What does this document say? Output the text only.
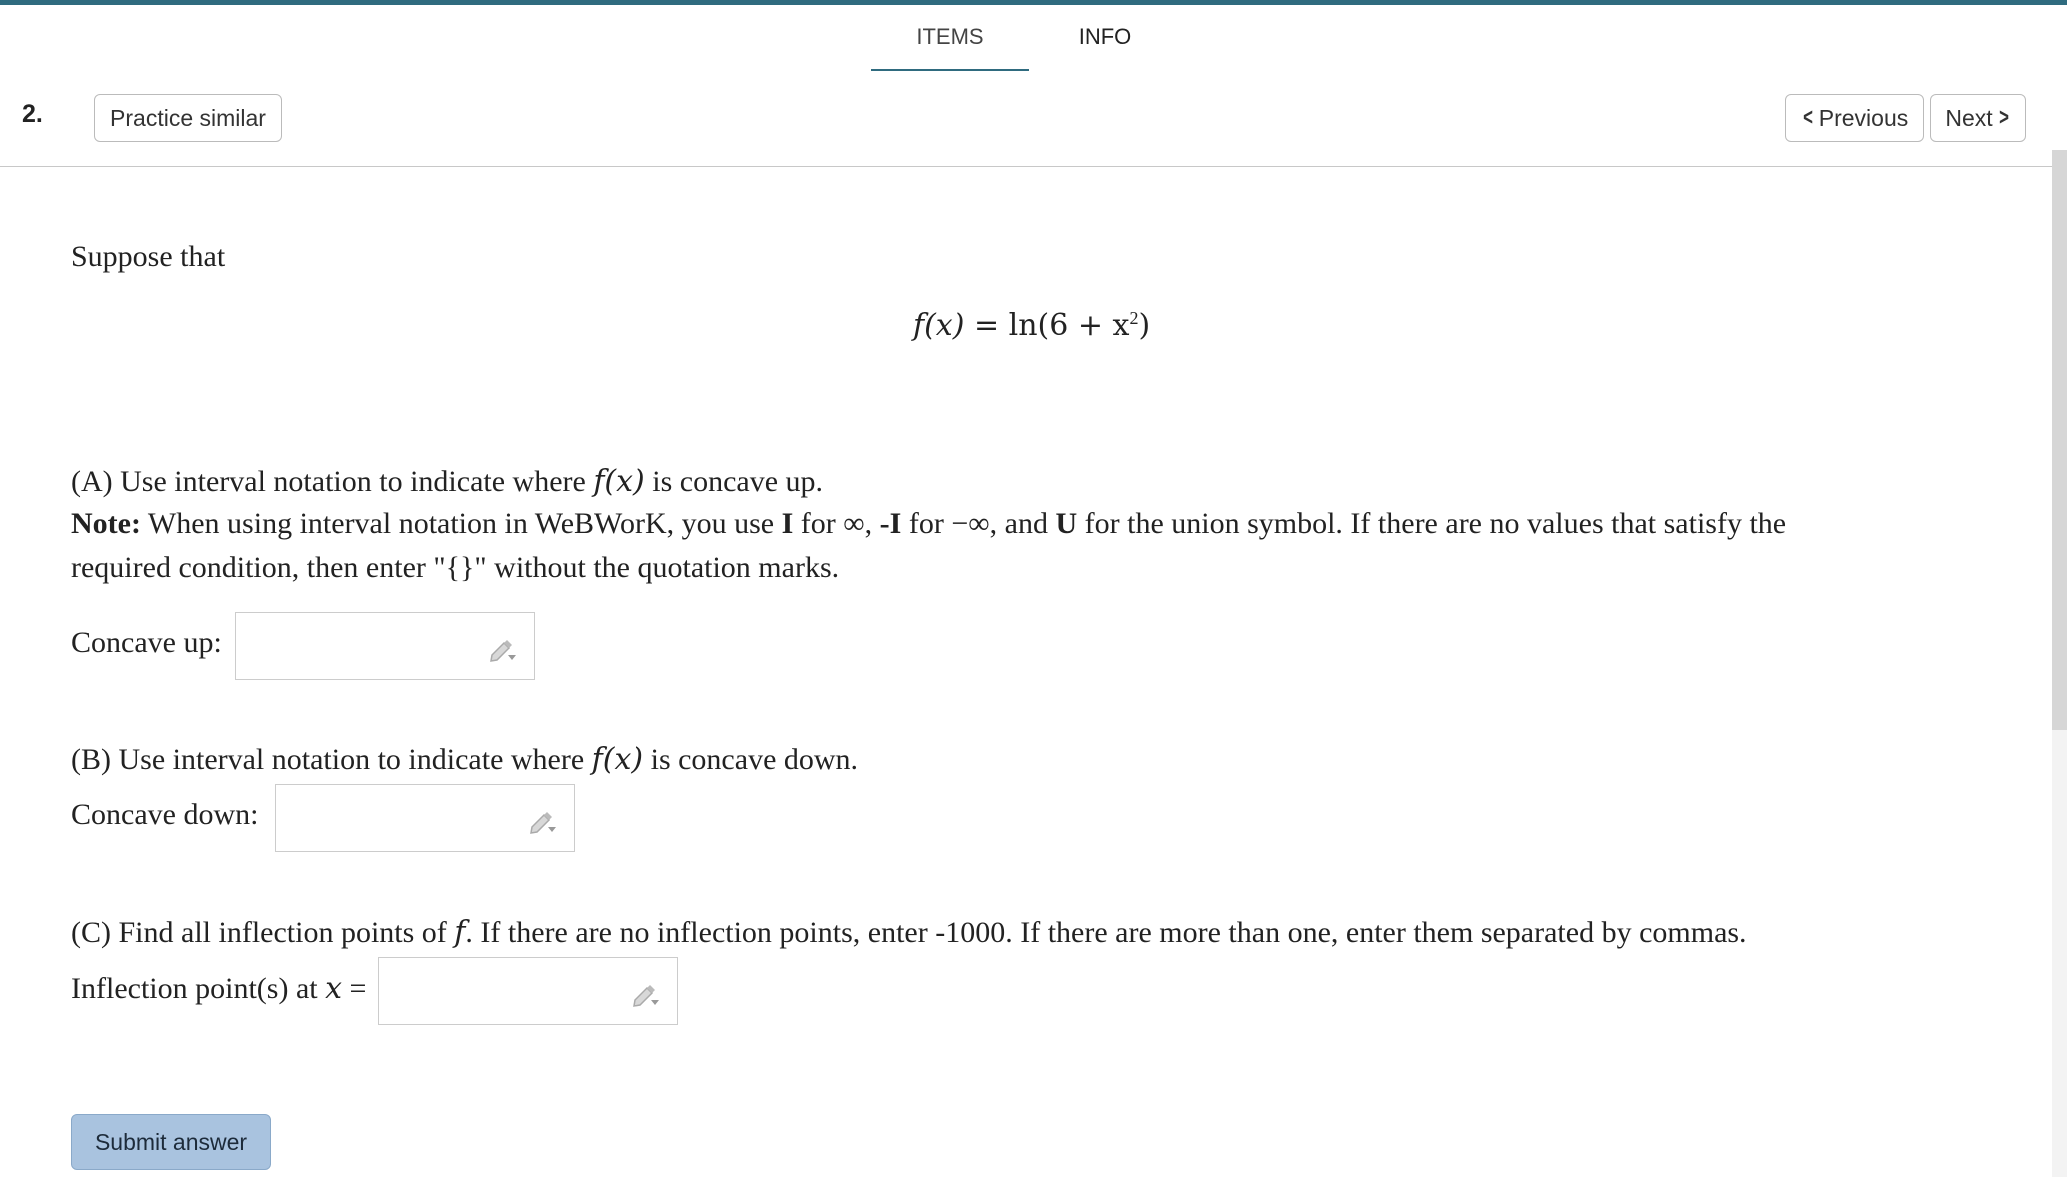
ITEMS	INFO
2.	Practice similar	< Previous Next >
Suppose that
$f(x) = \ln(6 + x^2)$
(A) Use interval notation to indicate where f(x) is concave up.
Note: When using interval notation in WeBWorK, you use I for ∞, -I for −∞, and U for the union symbol. If there are no values that satisfy the
required condition, then enter "{}" without the quotation marks.
Concave up:
(B) Use interval notation to indicate where f(x) is concave down.
Concave down:
(C) Find all inflection points of f. If there are no inflection points, enter -1000. If there are more than one, enter them separated by commas.
Inflection point(s) at x =
Submit answer
